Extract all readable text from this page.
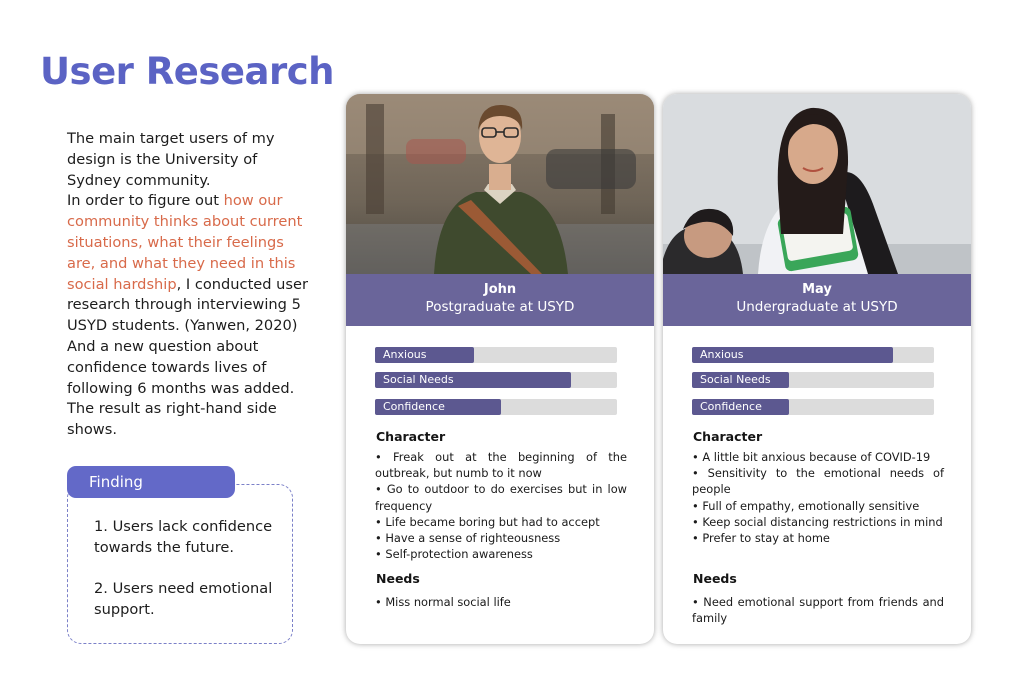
User Research
The main target users of my design is the University of Sydney community.
In order to figure out how our community thinks about current situations, what their feelings are, and what they need in this social hardship, I conducted user research through interviewing 5 USYD students. (Yanwen, 2020)
And a new question about confidence towards lives of following 6 months was added. The result as right-hand side shows.
Finding
1. Users lack confidence towards the future.
2. Users need emotional support.
John
Postgraduate at USYD
Anxious
Social Needs
Confidence
Character
• Freak out at the beginning of the outbreak, but numb to it now
• Go to outdoor to do exercises but in low frequency
• Life became boring but had to accept
• Have a sense of righteousness
• Self-protection awareness
Needs
• Miss normal social life
May
Undergraduate at USYD
Anxious
Social Needs
Confidence
Character
• A little bit anxious because of COVID-19
• Sensitivity to the emotional needs of people
• Full of empathy, emotionally sensitive
• Keep social distancing restrictions in mind
• Prefer to stay at home
Needs
• Need emotional support from friends and family
